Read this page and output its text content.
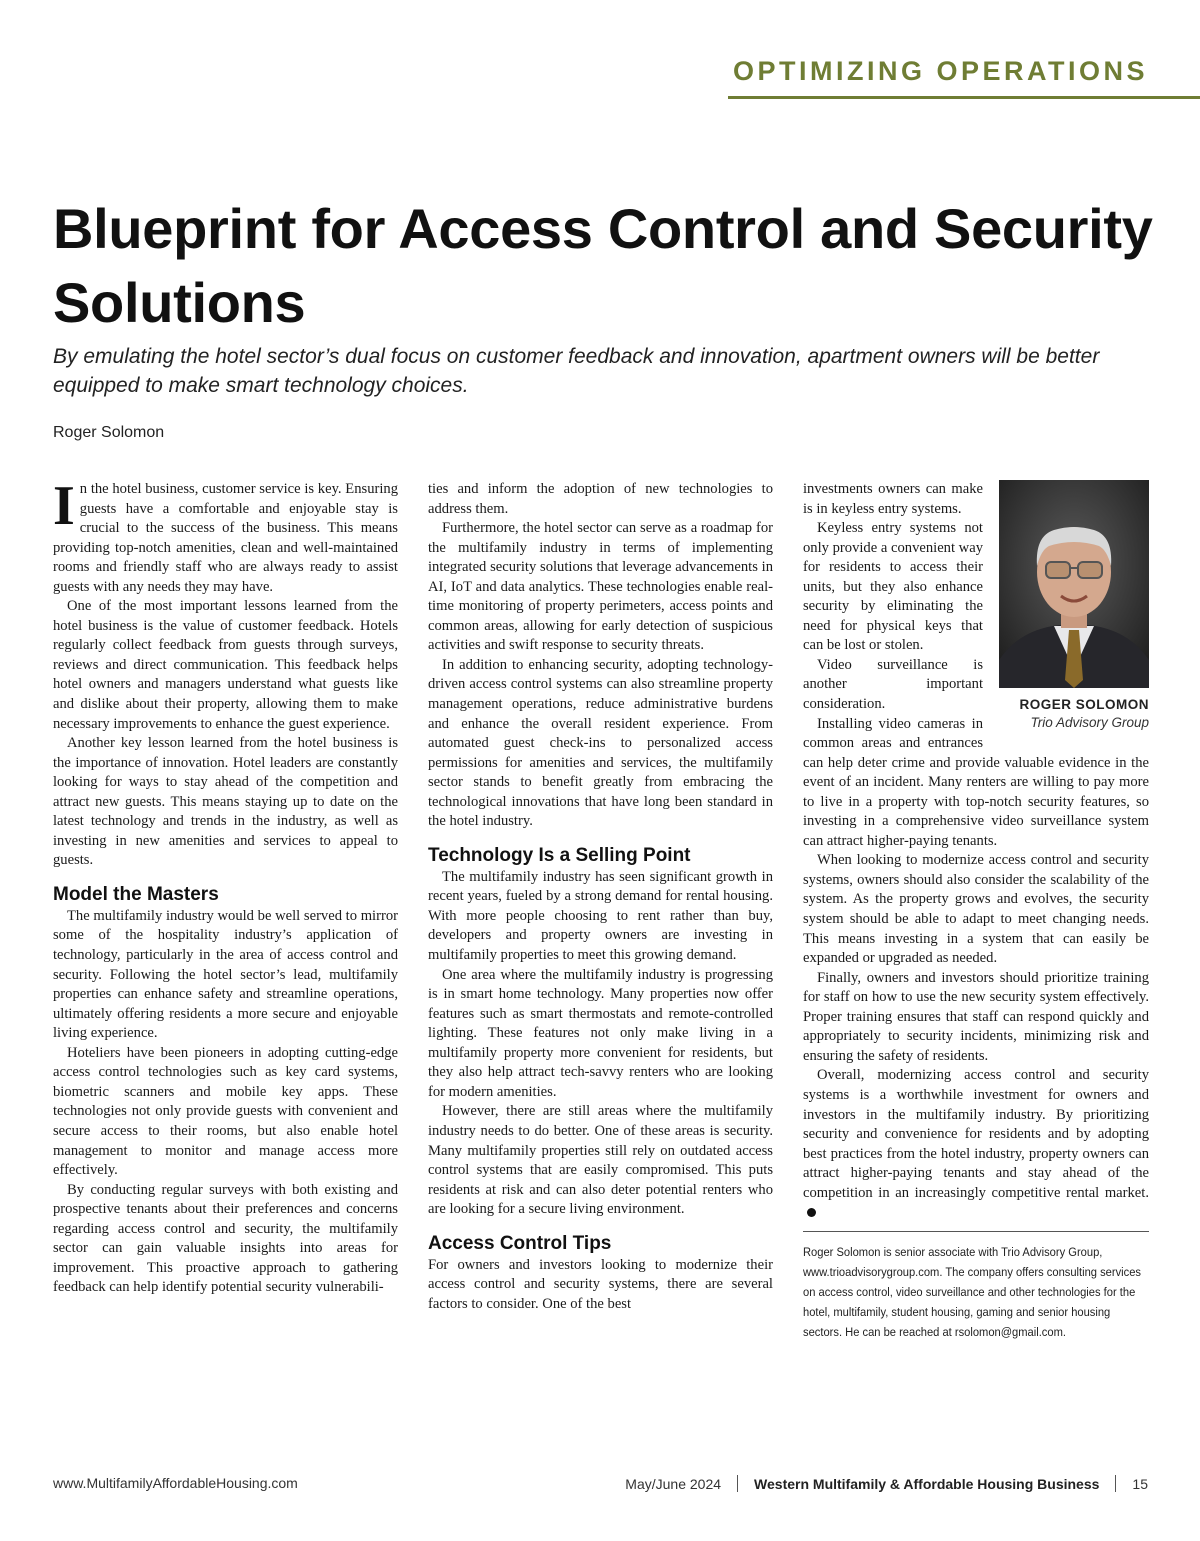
OPTIMIZING OPERATIONS
Blueprint for Access Control and Security Solutions

By emulating the hotel sector’s dual focus on customer feedback and innovation, apartment owners will be better equipped to make smart technology choices.

Roger Solomon

In the hotel business, customer service is key. Ensuring guests have a comfortable and enjoyable stay is crucial to the success of the business. This means providing top-notch amenities, clean and well-maintained rooms and friendly staff who are always ready to assist guests with any needs they may have.

One of the most important lessons learned from the hotel business is the value of customer feedback. Hotels regularly collect feedback from guests through surveys, reviews and direct communication. This feedback helps hotel owners and managers understand what guests like and dislike about their property, allowing them to make necessary improvements to enhance the guest experience.

Another key lesson learned from the hotel business is the importance of innovation. Hotel leaders are constantly looking for ways to stay ahead of the competition and attract new guests. This means staying up to date on the latest technology and trends in the industry, as well as investing in new amenities and services to appeal to guests.

Model the Masters

The multifamily industry would be well served to mirror some of the hospitality industry’s application of technology, particularly in the area of access control and security. Following the hotel sector’s lead, multifamily properties can enhance safety and streamline operations, ultimately offering residents a more secure and enjoyable living experience.

Hoteliers have been pioneers in adopting cutting-edge access control technologies such as key card systems, biometric scanners and mobile key apps. These technologies not only provide guests with convenient and secure access to their rooms, but also enable hotel management to monitor and manage access more effectively.

By conducting regular surveys with both existing and prospective tenants about their preferences and concerns regarding access control and security, the multifamily sector can gain valuable insights into areas for improvement. This proactive approach to gathering feedback can help identify potential security vulnerabili-

ties and inform the adoption of new technologies to address them.

Furthermore, the hotel sector can serve as a roadmap for the multifamily industry in terms of implementing integrated security solutions that leverage advancements in AI, IoT and data analytics. These technologies enable real-time monitoring of property perimeters, access points and common areas, allowing for early detection of suspicious activities and swift response to security threats.

In addition to enhancing security, adopting technology-driven access control systems can also streamline property management operations, reduce administrative burdens and enhance the overall resident experience. From automated guest check-ins to personalized access permissions for amenities and services, the multifamily sector stands to benefit greatly from embracing the technological innovations that have long been standard in the hotel industry.

Technology Is a Selling Point

The multifamily industry has seen significant growth in recent years, fueled by a strong demand for rental housing. With more people choosing to rent rather than buy, developers and property owners are investing in multifamily properties to meet this growing demand.

One area where the multifamily industry is progressing is in smart home technology. Many properties now offer features such as smart thermostats and remote-controlled lighting. These features not only make living in a multifamily property more convenient for residents, but they also help attract tech-savvy renters who are looking for modern amenities.

However, there are still areas where the multifamily industry needs to do better. One of these areas is security. Many multifamily properties still rely on outdated access control systems that are easily compromised. This puts residents at risk and can also deter potential renters who are looking for a secure living environment.

Access Control Tips

For owners and investors looking to modernize their access control and security systems, there are several factors to consider. One of the best

ROGER SOLOMON
Trio Advisory Group

investments owners can make is in keyless entry systems.

Keyless entry systems not only provide a convenient way for residents to access their units, but they also enhance security by eliminating the need for physical keys that can be lost or stolen.

Video surveillance is another important consideration.

Installing video cameras in common areas and entrances can help deter crime and provide valuable evidence in the event of an incident. Many renters are willing to pay more to live in a property with top-notch security features, so investing in a comprehensive video surveillance system can attract higher-paying tenants.

When looking to modernize access control and security systems, owners should also consider the scalability of the system. As the property grows and evolves, the security system should be able to adapt to meet changing needs. This means investing in a system that can easily be expanded or upgraded as needed.

Finally, owners and investors should prioritize training for staff on how to use the new security system effectively. Proper training ensures that staff can respond quickly and appropriately to security incidents, minimizing risk and ensuring the safety of residents.

Overall, modernizing access control and security systems is a worthwhile investment for owners and investors in the multifamily industry. By prioritizing security and convenience for residents and by adopting best practices from the hotel industry, property owners can attract higher-paying tenants and stay ahead of the competition in an increasingly competitive rental market.

Roger Solomon is senior associate with Trio Advisory Group, www.trioadvisorygroup.com. The company offers consulting services on access control, video surveillance and other technologies for the hotel, multifamily, student housing, gaming and senior housing sectors. He can be reached at rsolomon@gmail.com.
www.MultifamilyAffordableHousing.com	May/June 2024 Western Multifamily & Affordable Housing Business 15
